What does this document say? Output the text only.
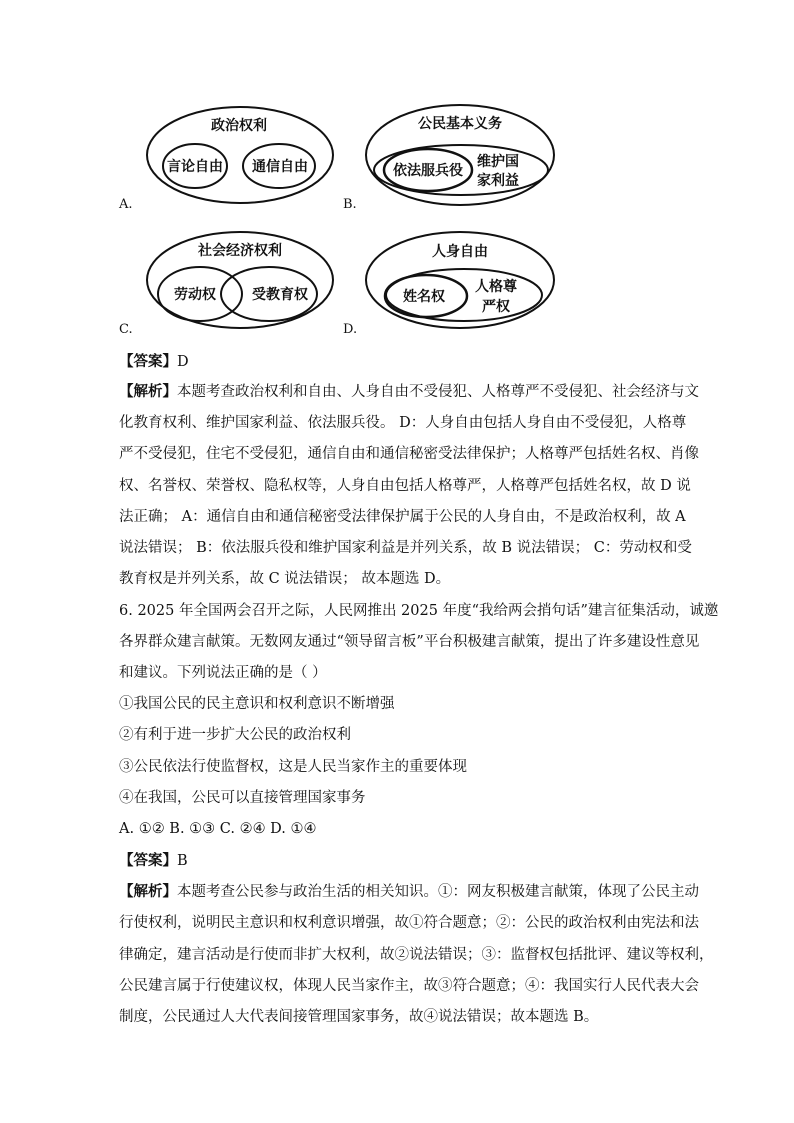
政治权利
言论自由 通信自由
A.
公民基本义务
依法服兵役
维护国
家利益
B.
社会经济权利
劳动权	受教育权
C.
人身自由
姓名权
人格尊
严权
D.
【答案】D
【解析】本题考查政治权利和自由、人身自由不受侵犯、人格尊严不受侵犯、社会经济与文
化教育权利、维护国家利益、依法服兵役。 D：人身自由包括人身自由不受侵犯，人格尊
严不受侵犯，住宅不受侵犯，通信自由和通信秘密受法律保护；人格尊严包括姓名权、肖像
权、名誉权、荣誉权、隐私权等，人身自由包括人格尊严，人格尊严包括姓名权，故 D 说
法正确； A：通信自由和通信秘密受法律保护属于公民的人身自由，不是政治权利，故 A
说法错误； B：依法服兵役和维护国家利益是并列关系，故 B 说法错误； C：劳动权和受
教育权是并列关系，故 C 说法错误； 故本题选 D。
6. 2025 年全国两会召开之际，人民网推出 2025 年度“我给两会捎句话”建言征集活动，诚邀
各界群众建言献策。无数网友通过“领导留言板”平台积极建言献策，提出了许多建设性意见
和建议。下列说法正确的是（ ）
①我国公民的民主意识和权利意识不断增强
②有利于进一步扩大公民的政治权利
③公民依法行使监督权，这是人民当家作主的重要体现
④在我国，公民可以直接管理国家事务
A. ①② B. ①③ C. ②④ D. ①④
【答案】B
【解析】本题考查公民参与政治生活的相关知识。①：网友积极建言献策，体现了公民主动
行使权利，说明民主意识和权利意识增强，故①符合题意；②：公民的政治权利由宪法和法
律确定，建言活动是行使而非扩大权利，故②说法错误；③：监督权包括批评、建议等权利，
公民建言属于行使建议权，体现人民当家作主，故③符合题意；④：我国实行人民代表大会
制度，公民通过人大代表间接管理国家事务，故④说法错误；故本题选 B。
